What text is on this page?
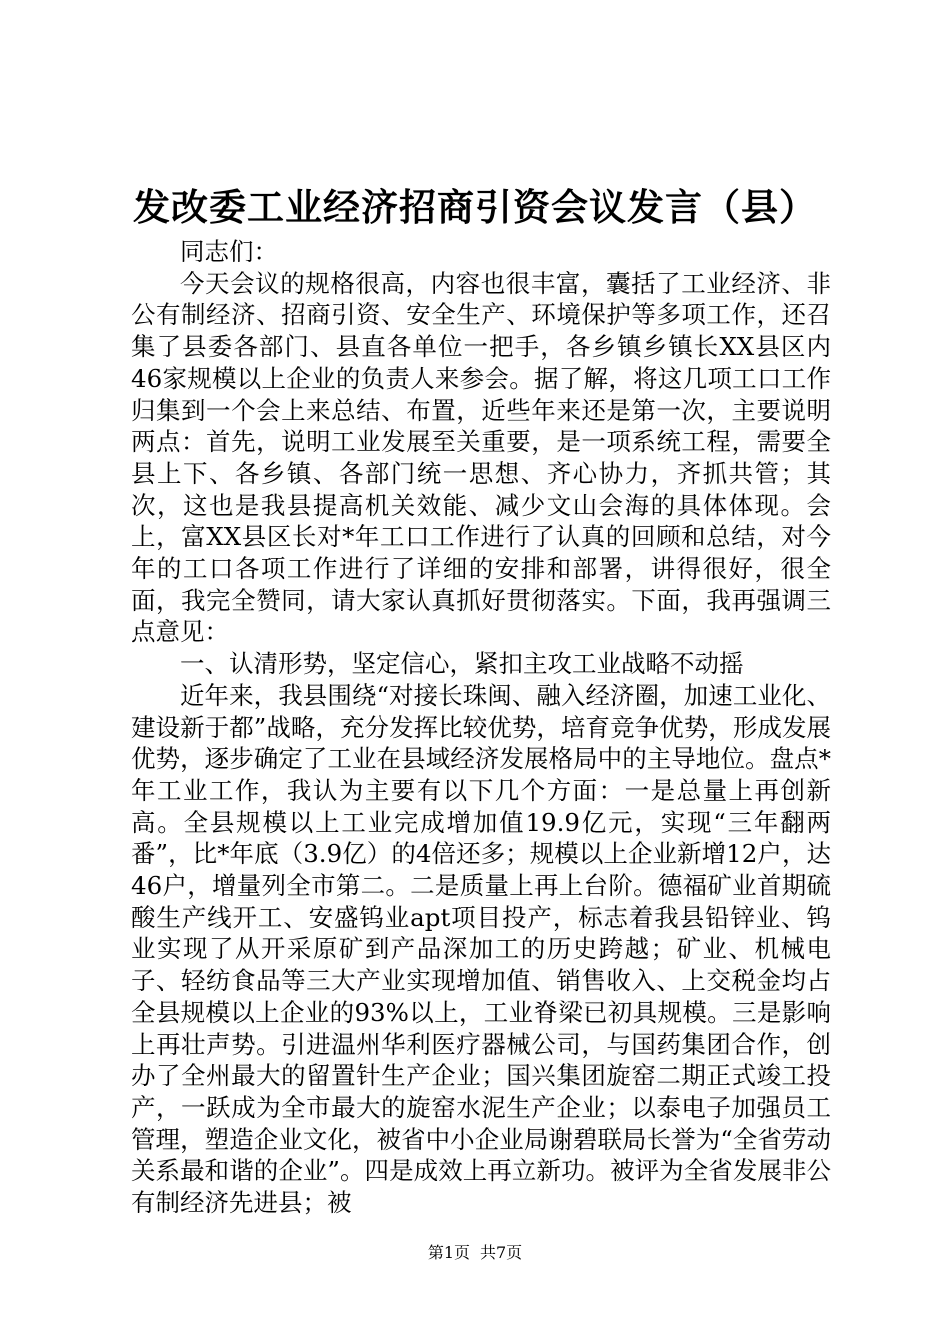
发改委工业经济招商引资会议发言（县）

同志们：

今天会议的规格很高，内容也很丰富，囊括了工业经济、非公有制经济、招商引资、安全生产、环境保护等多项工作，还召集了县委各部门、县直各单位一把手，各乡镇乡镇长XX县区内46家规模以上企业的负责人来参会。据了解，将这几项工口工作归集到一个会上来总结、布置，近些年来还是第一次，主要说明两点：首先，说明工业发展至关重要，是一项系统工程，需要全县上下、各乡镇、各部门统一思想、齐心协力，齐抓共管；其次，这也是我县提高机关效能、减少文山会海的具体体现。会上，富XX县区长对*年工口工作进行了认真的回顾和总结，对今年的工口各项工作进行了详细的安排和部署，讲得很好，很全面，我完全赞同，请大家认真抓好贯彻落实。下面，我再强调三点意见：

一、认清形势，坚定信心，紧扣主攻工业战略不动摇

近年来，我县围绕“对接长珠闽、融入经济圈，加速工业化、建设新于都”战略，充分发挥比较优势，培育竞争优势，形成发展优势，逐步确定了工业在县域经济发展格局中的主导地位。盘点*年工业工作，我认为主要有以下几个方面：一是总量上再创新高。全县规模以上工业完成增加值19.9亿元，实现“三年翻两番”，比*年底（3.9亿）的4倍还多；规模以上企业新增12户，达46户，增量列全市第二。二是质量上再上台阶。德福矿业首期硫酸生产线开工、安盛钨业apt项目投产，标志着我县铅锌业、钨业实现了从开采原矿到产品深加工的历史跨越；矿业、机械电子、轻纺食品等三大产业实现增加值、销售收入、上交税金均占全县规模以上企业的93%以上，工业脊梁已初具规模。三是影响上再壮声势。引进温州华利医疗器械公司，与国药集团合作，创办了全州最大的留置针生产企业；国兴集团旋窑二期正式竣工投产，一跃成为全市最大的旋窑水泥生产企业；以泰电子加强员工管理，塑造企业文化，被省中小企业局谢碧联局长誉为“全省劳动关系最和谐的企业”。四是成效上再立新功。被评为全省发展非公有制经济先进县；被

第1页 共7页
